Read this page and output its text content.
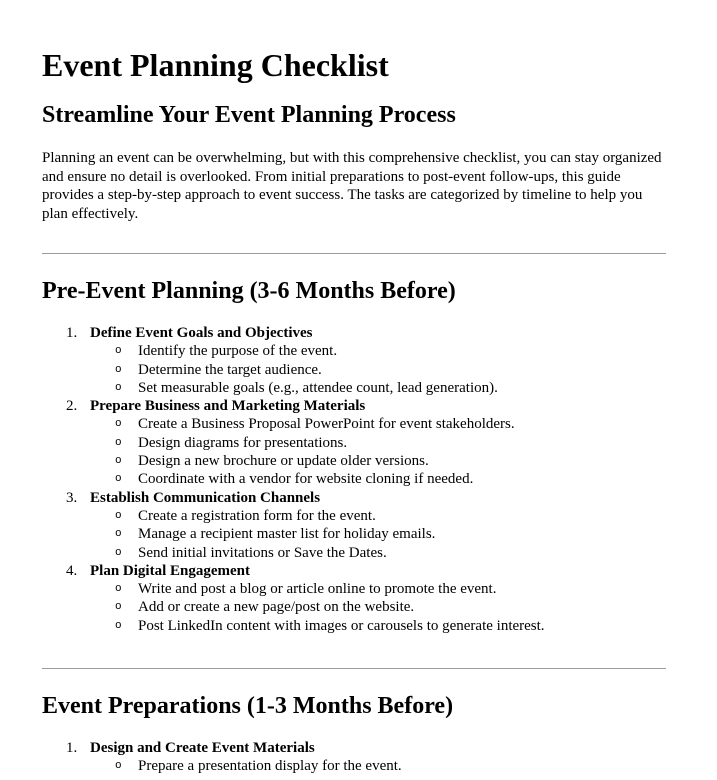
Event Planning Checklist
Streamline Your Event Planning Process

Planning an event can be overwhelming, but with this comprehensive checklist, you can stay organized and ensure no detail is overlooked. From initial preparations to post-event follow-ups, this guide provides a step-by-step approach to event success. The tasks are categorized by timeline to help you plan effectively.

Pre-Event Planning (3-6 Months Before)
1. Define Event Goals and Objectives
o Identify the purpose of the event.
o Determine the target audience.
o Set measurable goals (e.g., attendee count, lead generation).
2. Prepare Business and Marketing Materials
o Create a Business Proposal PowerPoint for event stakeholders.
o Design diagrams for presentations.
o Design a new brochure or update older versions.
o Coordinate with a vendor for website cloning if needed.
3. Establish Communication Channels
o Create a registration form for the event.
o Manage a recipient master list for holiday emails.
o Send initial invitations or Save the Dates.
4. Plan Digital Engagement
o Write and post a blog or article online to promote the event.
o Add or create a new page/post on the website.
o Post LinkedIn content with images or carousels to generate interest.
Event Preparations (1-3 Months Before)
1. Design and Create Event Materials
o Prepare a presentation display for the event.
